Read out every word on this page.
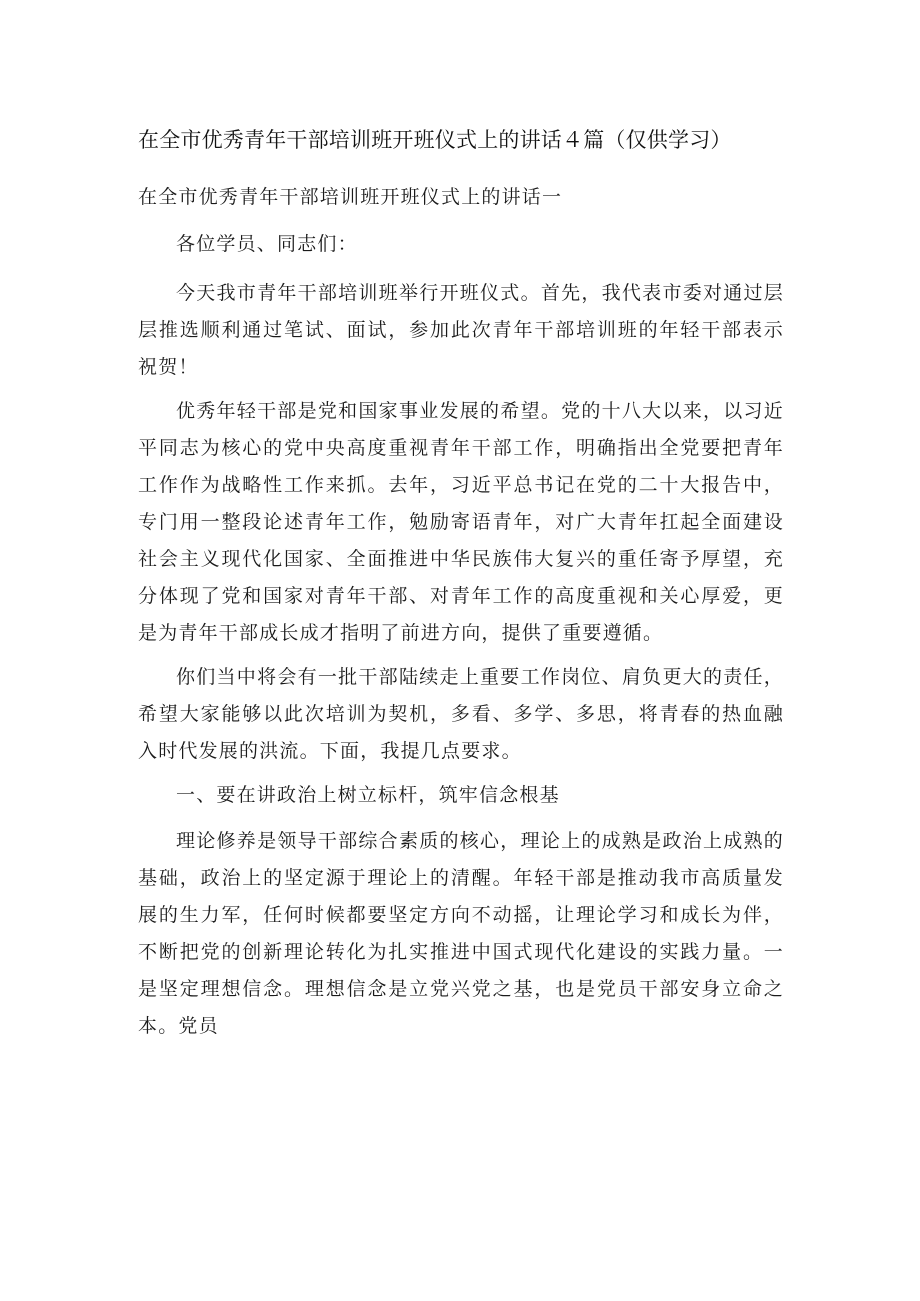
在全市优秀青年干部培训班开班仪式上的讲话４篇（仅供学习）
在全市优秀青年干部培训班开班仪式上的讲话一

各位学员、同志们：

今天我市青年干部培训班举行开班仪式。首先，我代表市委对通过层层推选顺利通过笔试、面试，参加此次青年干部培训班的年轻干部表示祝贺！

优秀年轻干部是党和国家事业发展的希望。党的十八大以来，以习近平同志为核心的党中央高度重视青年干部工作，明确指出全党要把青年工作作为战略性工作来抓。去年，习近平总书记在党的二十大报告中，专门用一整段论述青年工作，勉励寄语青年，对广大青年扛起全面建设社会主义现代化国家、全面推进中华民族伟大复兴的重任寄予厚望，充分体现了党和国家对青年干部、对青年工作的高度重视和关心厚爱，更是为青年干部成长成才指明了前进方向，提供了重要遵循。

你们当中将会有一批干部陆续走上重要工作岗位、肩负更大的责任，希望大家能够以此次培训为契机，多看、多学、多思，将青春的热血融入时代发展的洪流。下面，我提几点要求。

一、要在讲政治上树立标杆，筑牢信念根基

理论修养是领导干部综合素质的核心，理论上的成熟是政治上成熟的基础，政治上的坚定源于理论上的清醒。年轻干部是推动我市高质量发展的生力军，任何时候都要坚定方向不动摇，让理论学习和成长为伴，不断把党的创新理论转化为扎实推进中国式现代化建设的实践力量。一是坚定理想信念。理想信念是立党兴党之基，也是党员干部安身立命之本。党员
